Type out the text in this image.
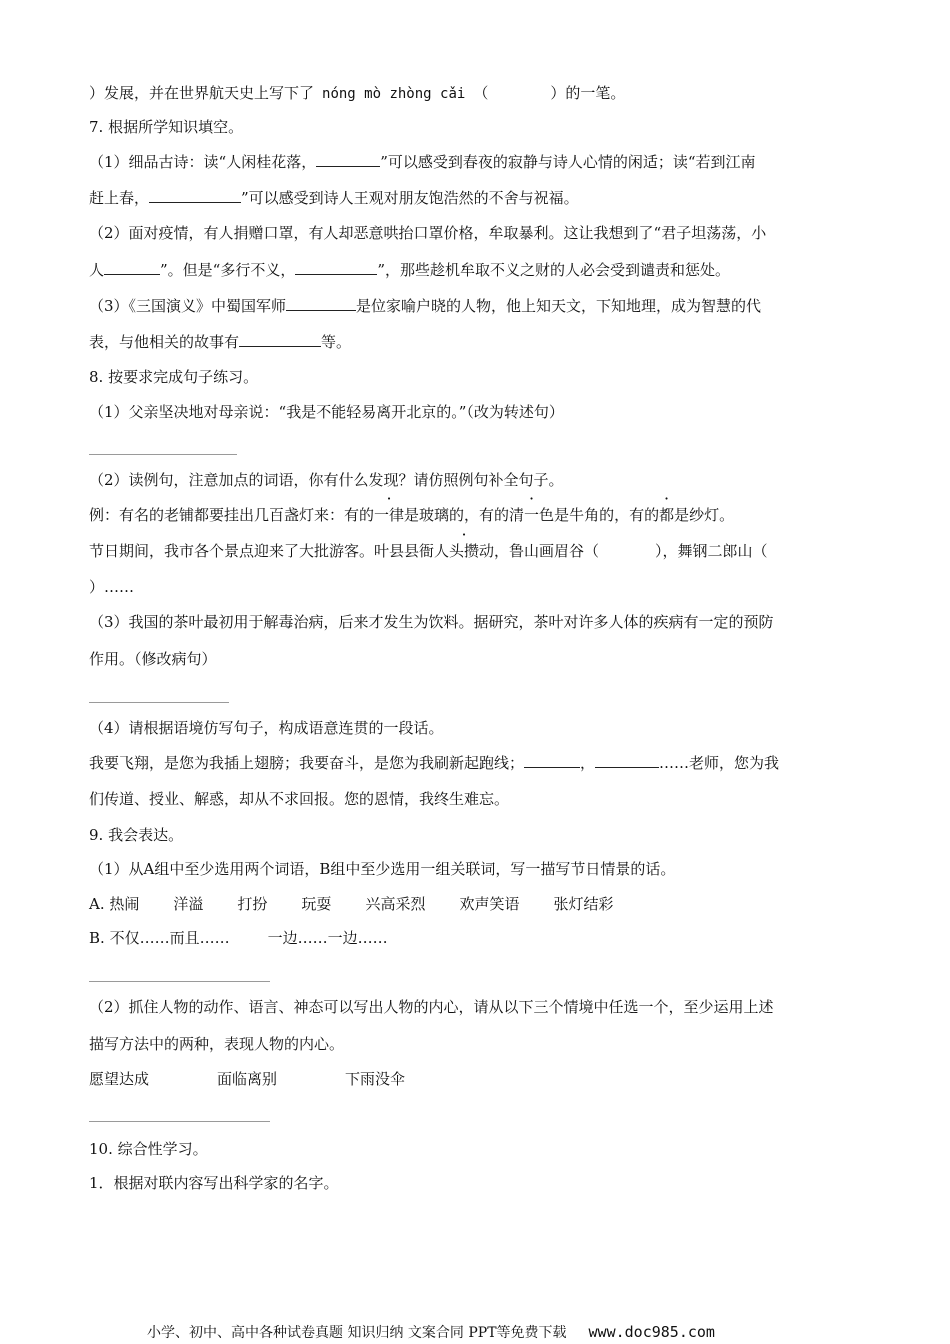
）发展，并在世界航天史上写下了 nóng mò zhòng cǎi （	）的一笔。
7. 根据所学知识填空。
（1）细品古诗：读“人闲桂花落，	”可以感受到春夜的寂静与诗人心情的闲适；读“若到江南
赶上春，	”可以感受到诗人王观对朋友饱浩然的不舍与祝福。
（2）面对疫情，有人捐赠口罩，有人却恶意哄抬口罩价格，牟取暴利。这让我想到了“君子坦荡荡，小
人	”。但是“多行不义，	”，那些趁机牟取不义之财的人必会受到谴责和惩处。
（3）《三国演义》中蜀国军师	是位家喻户晓的人物，他上知天文，下知地理，成为智慧的代
表，与他相关的故事有	等。
8. 按要求完成句子练习。
（1）父亲坚决地对母亲说：“我是不能轻易离开北京的。”（改为转述句）
（2）读例句，注意加点的词语，你有什么发现？请仿照例句补全句子。
例：有名的老铺都要挂出几百盏灯来：有的一律是玻璃的，有的清一色是牛角的，有的都是纱灯。
节日期间，我市各个景点迎来了大批游客。叶县县衙人头攒动，鲁山画眉谷（	），舞钢二郎山（
）……
（3）我国的茶叶最初用于解毒治病，后来才发生为饮料。据研究，茶叶对许多人体的疾病有一定的预防
作用。（修改病句）
（4）请根据语境仿写句子，构成语意连贯的一段话。
我要飞翔，是您为我插上翅膀；我要奋斗，是您为我刷新起跑线；	，	……老师，您为我
们传道、授业、解惑，却从不求回报。您的恩情，我终生难忘。
9. 我会表达。
（1）从A组中至少选用两个词语，B组中至少选用一组关联词，写一描写节日情景的话。
A. 热闹 洋溢 打扮 玩耍 兴高采烈 欢声笑语 张灯结彩
B. 不仅……而且……	一边……一边……
（2）抓住人物的动作、语言、神态可以写出人物的内心，请从以下三个情境中任选一个，至少运用上述
描写方法中的两种，表现人物的内心。
愿望达成	面临离别	下雨没伞
10. 综合性学习。
1．根据对联内容写出科学家的名字。
小学、初中、高中各种试卷真题 知识归纳 文案合同 PPT等免费下载 www.doc985.com
